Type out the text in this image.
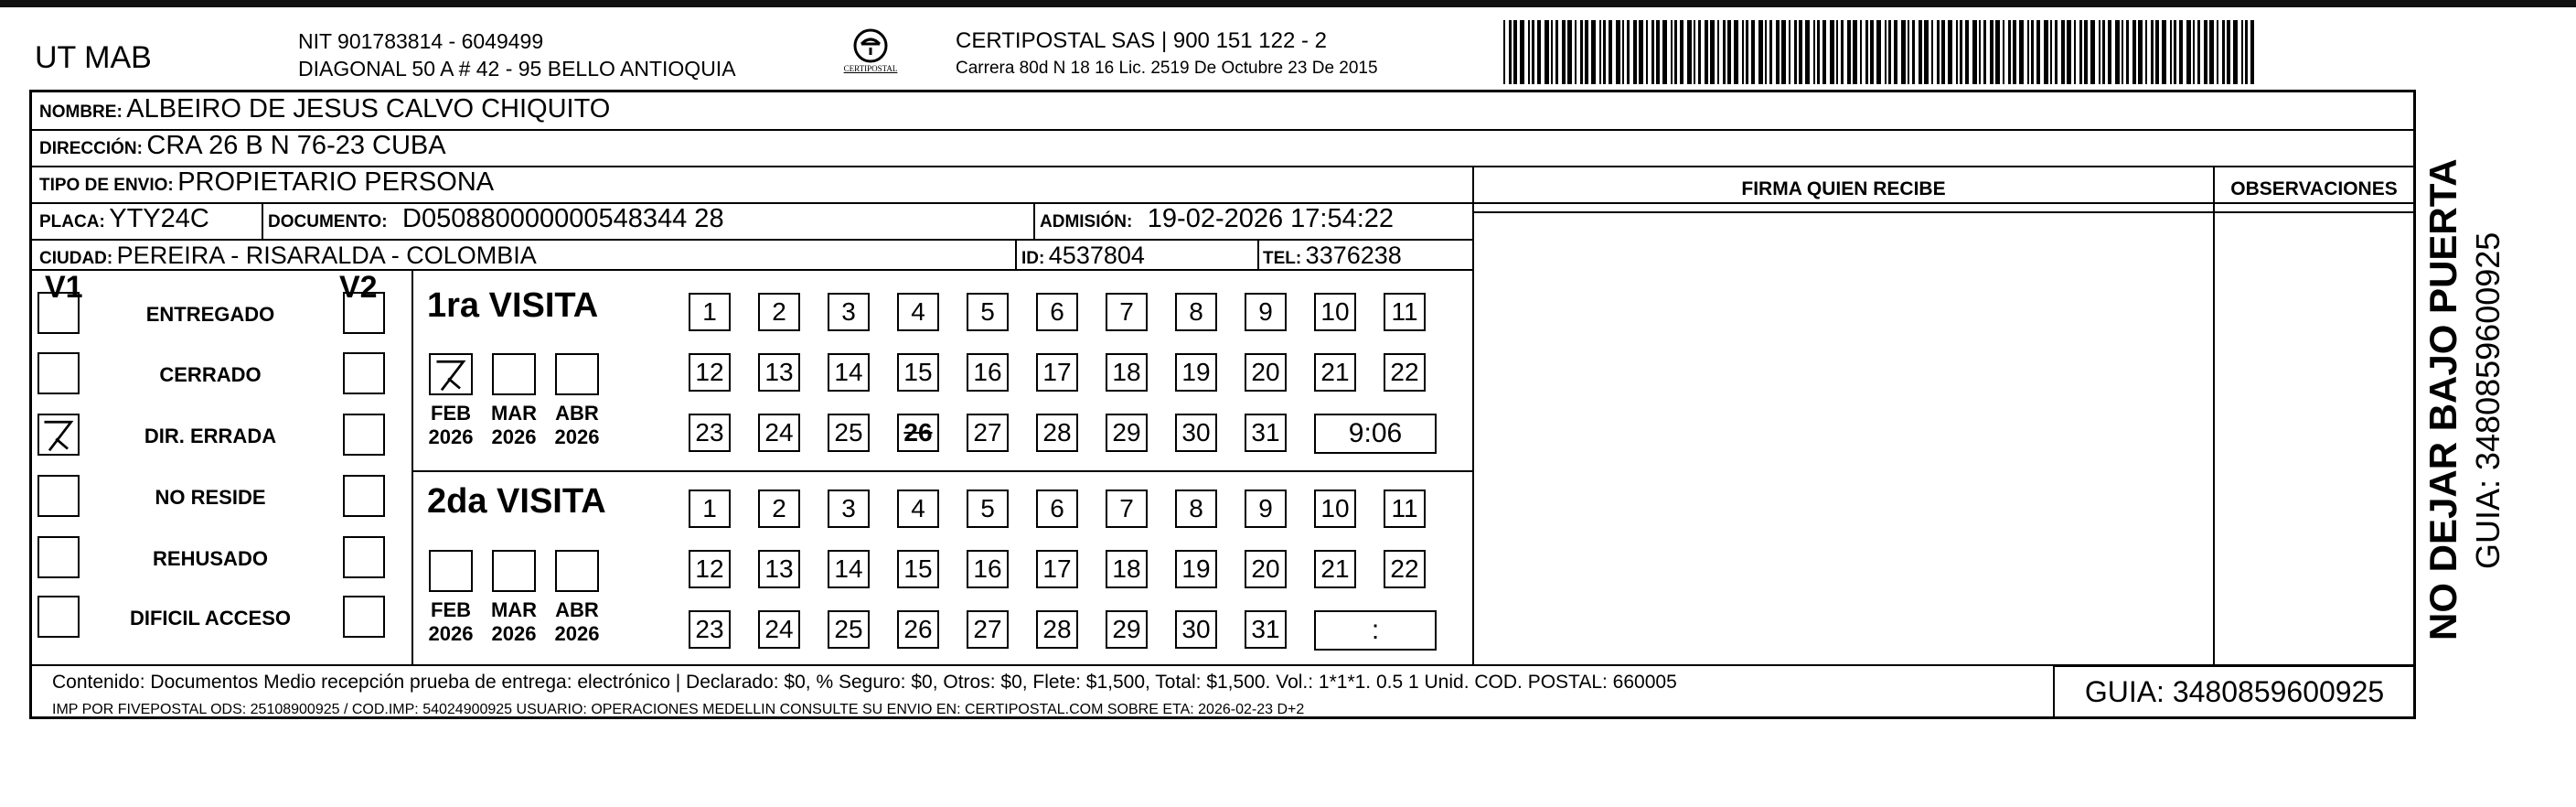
UT MAB	NIT 901783814 - 6049499
DIAGONAL 50 A # 42 - 95 BELLO ANTIOQUIA	CERTIPOSTAL
CERTIPOSTAL SAS | 900 151 122 - 2
Carrera 80d N 18 16 Lic. 2519 De Octubre 23 De 2015
NOMBRE: ALBEIRO DE JESUS CALVO CHIQUITO
DIRECCIÓN: CRA 26 B N 76-23 CUBA
TIPO DE ENVIO: PROPIETARIO PERSONA
PLACA: YTY24C	DOCUMENTO: D050880000000548344 28	ADMISIÓN: 19-02-2026 17:54:22
CIUDAD: PEREIRA - RISARALDA - COLOMBIA	ID: 4537804	TEL: 3376238
FIRMA QUIEN RECIBE	OBSERVACIONES
V1	V2
ENTREGADO
CERRADO
DIR. ERRADA
NO RESIDE
REHUSADO
DIFICIL ACCESO
1ra VISITA
2da VISITA
FEB
2026
MAR
2026
ABR
2026
1	2	3	4	5	6	7	8	9	10	11
12 13 14 15 16 17 18 19 20 21 22
23 24 25 26 27 28 29 30 31	9:06
FEB
2026
MAR
2026
ABR
2026
1	2	3	4	5	6	7	8	9	10	11
12 13 14 15 16 17 18 19 20 21 22
23 24 25 26 27 28 29 30 31	:
Contenido: Documentos Medio recepción prueba de entrega: electrónico | Declarado: $0, % Seguro: $0, Otros: $0, Flete: $1,500, Total: $1,500. Vol.: 1*1*1. 0.5 1 Unid. COD. POSTAL: 660005
IMP POR FIVEPOSTAL ODS: 25108900925 / COD.IMP: 54024900925 USUARIO: OPERACIONES MEDELLIN CONSULTE SU ENVIO EN: CERTIPOSTAL.COM SOBRE ETA: 2026-02-23 D+2
GUIA: 3480859600925
NO DEJAR BAJO PUERTA GUIA: 3480859600925
